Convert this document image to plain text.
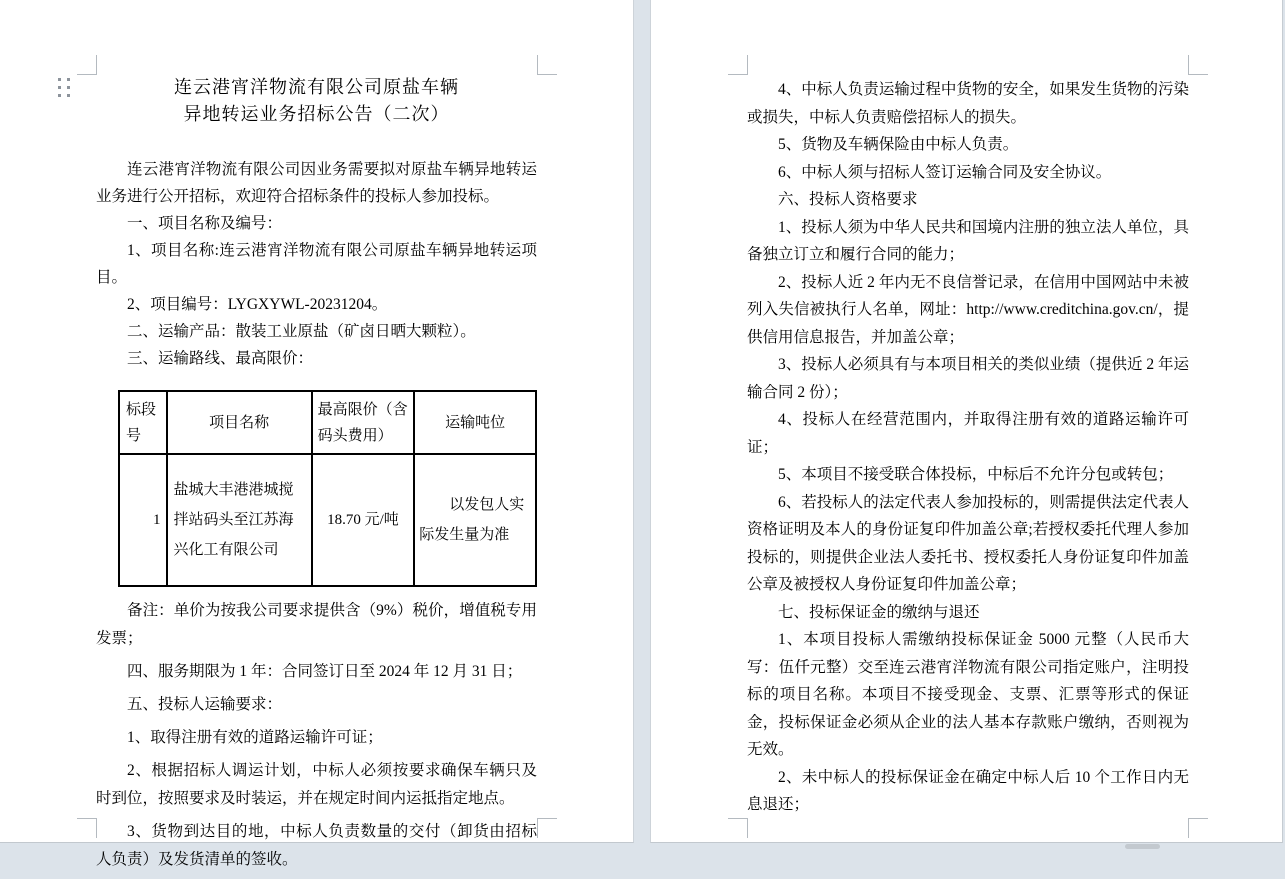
连云港宵洋物流有限公司原盐车辆
异地转运业务招标公告（二次）

连云港宵洋物流有限公司因业务需要拟对原盐车辆异地转运业务进行公开招标，欢迎符合招标条件的投标人参加投标。

一、项目名称及编号：

1、项目名称:连云港宵洋物流有限公司原盐车辆异地转运项目。

2、项目编号：LYGXYWL-20231204。

二、运输产品：散装工业原盐（矿卤日晒大颗粒）。

三、运输路线、最高限价：

标段号	项目名称	最高限价（含码头费用）	运输吨位
1	盐城大丰港港城搅拌站码头至江苏海兴化工有限公司	18.70 元/吨	以发包人实际发生量为准

备注：单价为按我公司要求提供含（9%）税价，增值税专用发票；

四、服务期限为 1 年：合同签订日至 2024 年 12 月 31 日；

五、投标人运输要求：

1、取得注册有效的道路运输许可证；

2、根据招标人调运计划，中标人必须按要求确保车辆只及时到位，按照要求及时装运，并在规定时间内运抵指定地点。

3、货物到达目的地，中标人负责数量的交付（卸货由招标人负责）及发货清单的签收。

4、中标人负责运输过程中货物的安全，如果发生货物的污染或损失，中标人负责赔偿招标人的损失。

5、货物及车辆保险由中标人负责。

6、中标人须与招标人签订运输合同及安全协议。

六、投标人资格要求

1、投标人须为中华人民共和国境内注册的独立法人单位，具备独立订立和履行合同的能力；

2、投标人近 2 年内无不良信誉记录，在信用中国网站中未被列入失信被执行人名单，网址：http://www.creditchina.gov.cn/，提供信用信息报告，并加盖公章；

3、投标人必须具有与本项目相关的类似业绩（提供近 2 年运输合同 2 份）；

4、投标人在经营范围内，并取得注册有效的道路运输许可证；

5、本项目不接受联合体投标，中标后不允许分包或转包；

6、若投标人的法定代表人参加投标的，则需提供法定代表人资格证明及本人的身份证复印件加盖公章;若授权委托代理人参加投标的，则提供企业法人委托书、授权委托人身份证复印件加盖公章及被授权人身份证复印件加盖公章；

七、投标保证金的缴纳与退还

1、本项目投标人需缴纳投标保证金 5000 元整（人民币大写：伍仟元整）交至连云港宵洋物流有限公司指定账户，注明投标的项目名称。本项目不接受现金、支票、汇票等形式的保证金，投标保证金必须从企业的法人基本存款账户缴纳，否则视为无效。

2、未中标人的投标保证金在确定中标人后 10 个工作日内无息退还；
